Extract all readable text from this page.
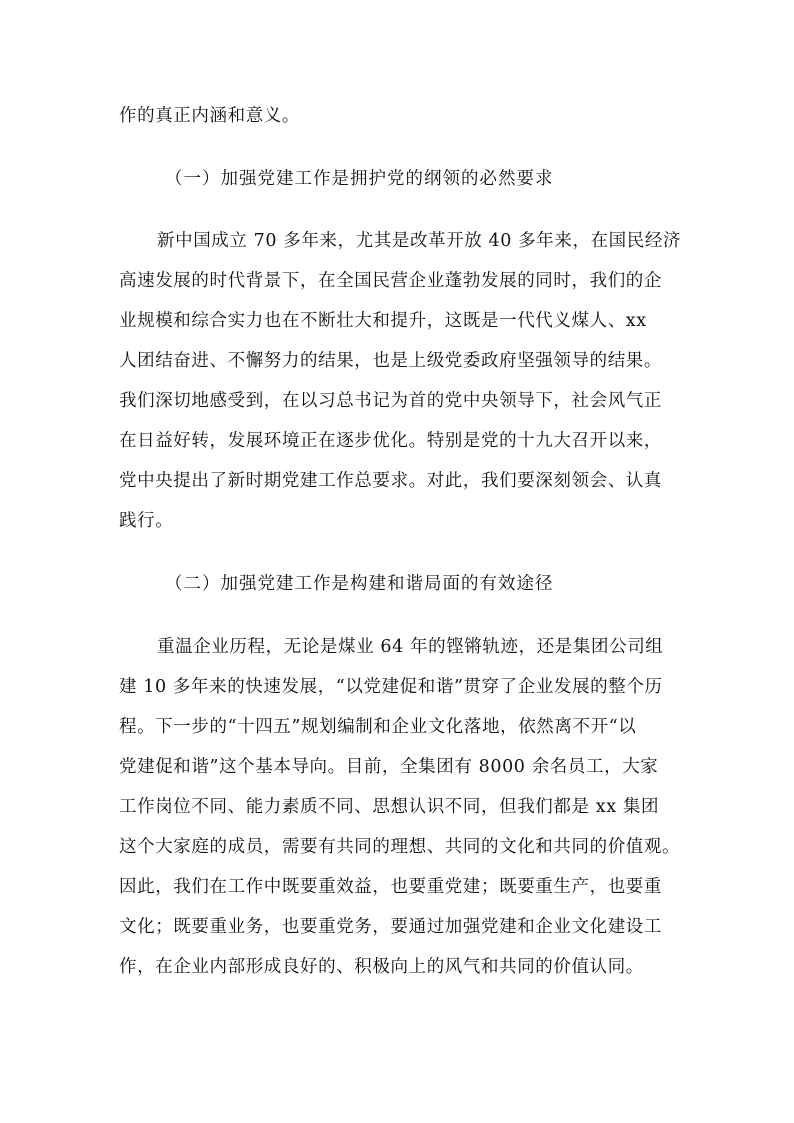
作的真正内涵和意义。

（一）加强党建工作是拥护党的纲领的必然要求

新中国成立 70 多年来，尤其是改革开放 40 多年来，在国民经济

高速发展的时代背景下，在全国民营企业蓬勃发展的同时，我们的企

业规模和综合实力也在不断壮大和提升，这既是一代代义煤人、xx

人团结奋进、不懈努力的结果，也是上级党委政府坚强领导的结果。

我们深切地感受到，在以习总书记为首的党中央领导下，社会风气正

在日益好转，发展环境正在逐步优化。特别是党的十九大召开以来，

党中央提出了新时期党建工作总要求。对此，我们要深刻领会、认真

践行。

（二）加强党建工作是构建和谐局面的有效途径

重温企业历程，无论是煤业 64 年的铿锵轨迹，还是集团公司组

建 10 多年来的快速发展，“以党建促和谐”贯穿了企业发展的整个历

程。下一步的“十四五”规划编制和企业文化落地，依然离不开“以

党建促和谐”这个基本导向。目前，全集团有 8000 余名员工，大家

工作岗位不同、能力素质不同、思想认识不同，但我们都是 xx 集团

这个大家庭的成员，需要有共同的理想、共同的文化和共同的价值观。

因此，我们在工作中既要重效益，也要重党建；既要重生产，也要重

文化；既要重业务，也要重党务，要通过加强党建和企业文化建设工

作，在企业内部形成良好的、积极向上的风气和共同的价值认同。
